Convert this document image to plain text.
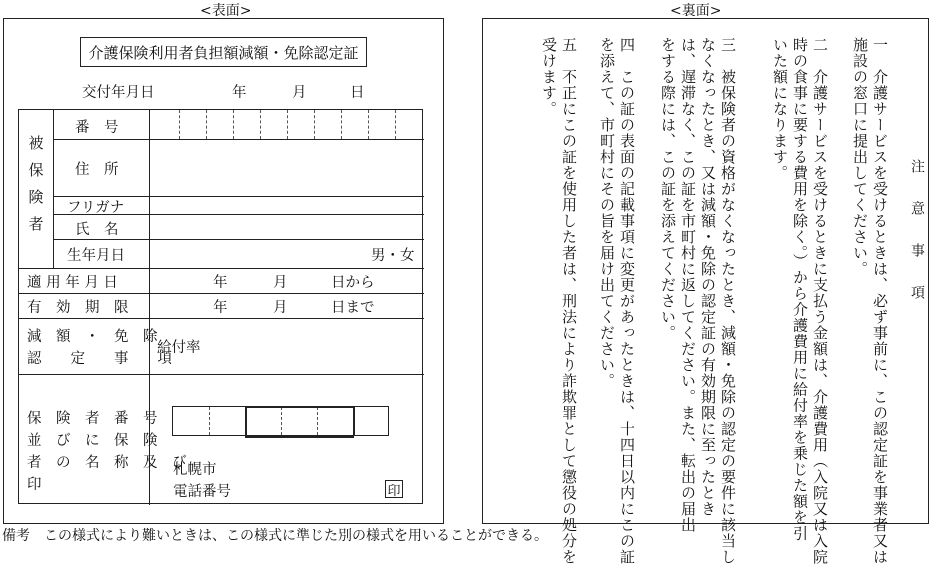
<表面>	<裏面>
介護保険利用者負担額減額・免除認定証
交付年月日	年	月	日
被保険者
番　号
住　所
フリガナ
氏　名
生年月日	男・女
適 用 年 月 日	年	月	日から
有　効　期　限	年	月	日まで
減　額　・　免　除
認　　定　　事　　項
給付率
保　険　者　番　号
並　び　に　保　険
者　の　名　称　及　び
印
札幌市
電話番号	印
注意事項
一　介護サービスを受けるときは、必ず事前に、この認定証を事業者又は
施設の窓口に提出してください。
二　介護サービスを受けるときに支払う金額は、介護費用（入院又は入院
時の食事に要する費用を除く。）から介護費用に給付率を乗じた額を引
いた額になります。
三　被保険者の資格がなくなったとき、減額・免除の認定の要件に該当し
なくなったとき、又は減額・免除の認定証の有効期限に至ったとき
は、遅滞なく、この証を市町村に返してください。また、転出の届出
をする際には、この証を添えてください。
四　この証の表面の記載事項に変更があったときは、十四日以内にこの証
を添えて、市町村にその旨を届け出てください。
五　不正にこの証を使用した者は、刑法により詐欺罪として懲役の処分を
受けます。
備考　この様式により難いときは、この様式に準じた別の様式を用いることができる。
